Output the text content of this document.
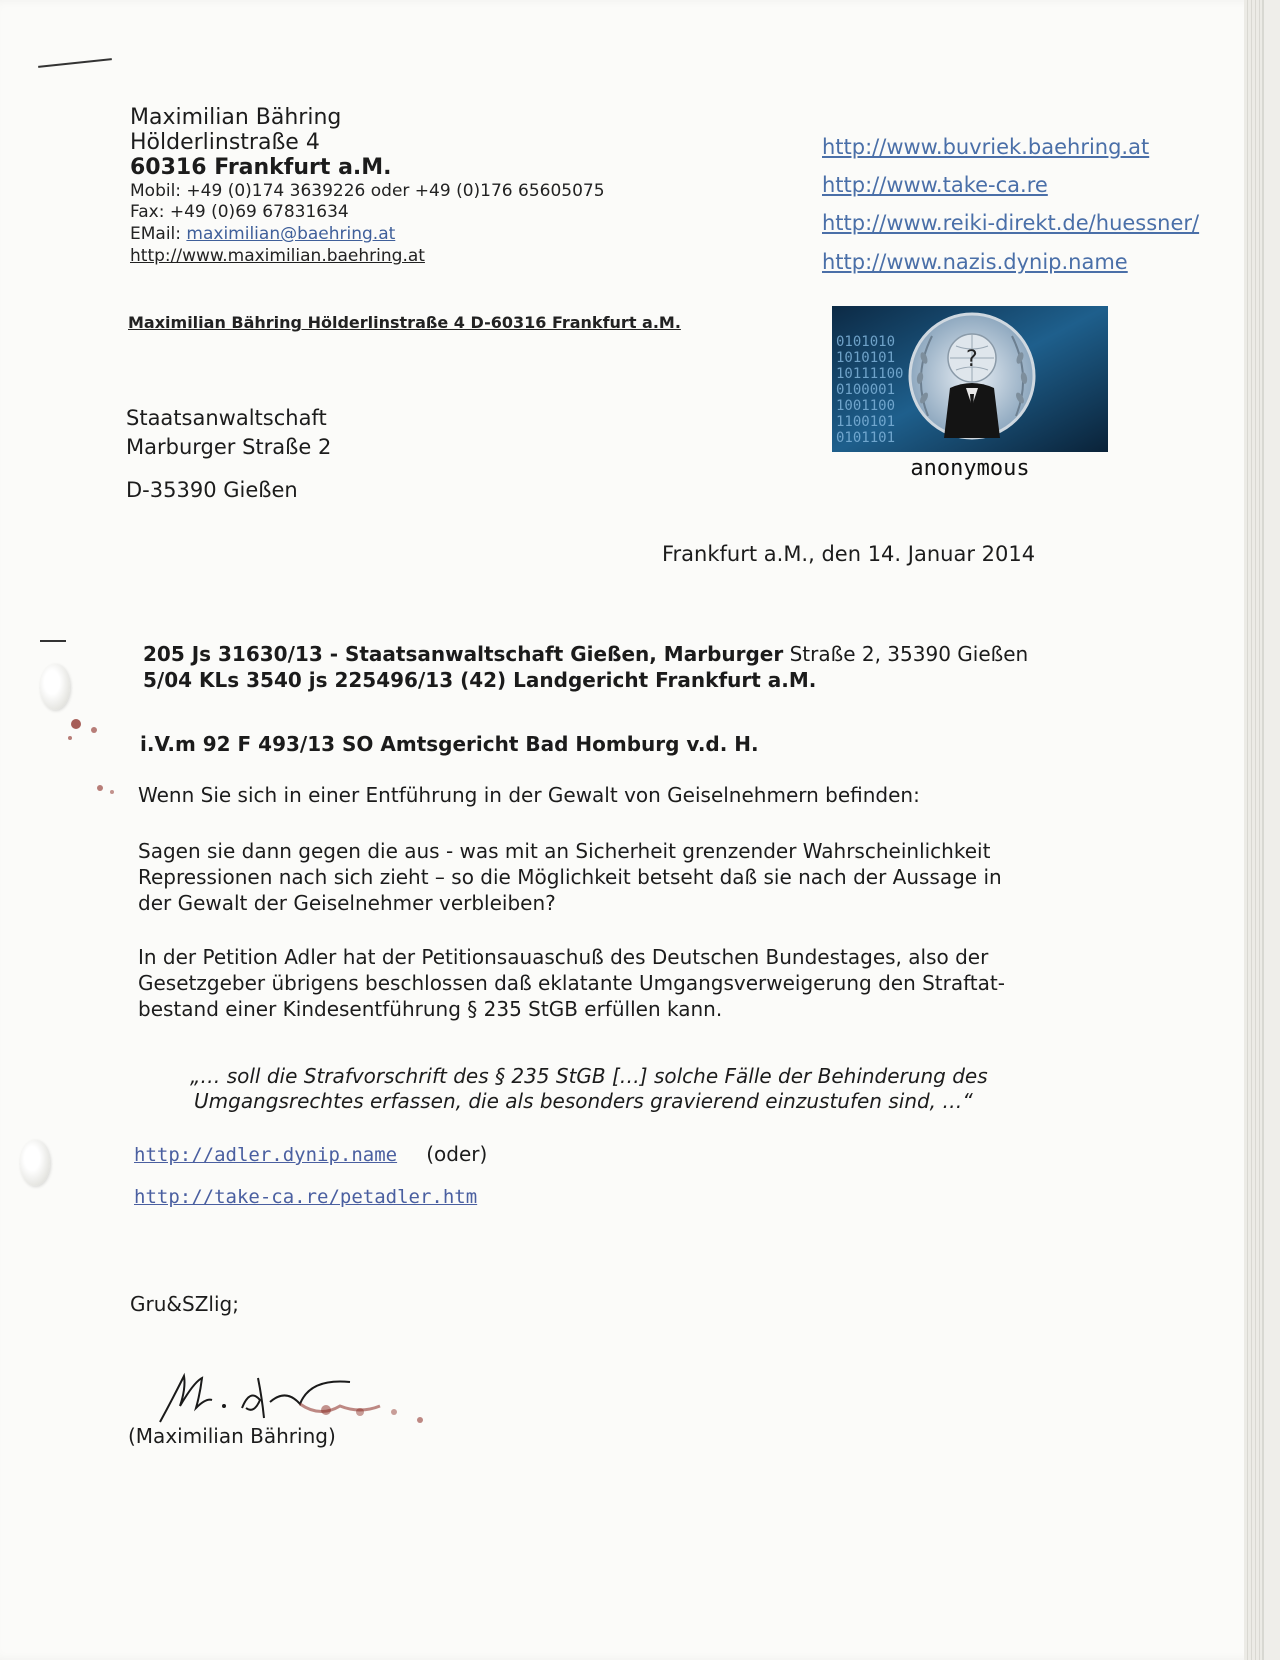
Maximilian Bähring
Hölderlinstraße 4
60316 Frankfurt a.M.
Mobil: +49 (0)174 3639226 oder +49 (0)176 65605075
Fax: +49 (0)69 67831634
EMail: maximilian@baehring.at
http://www.maximilian.baehring.at
http://www.buvriek.baehring.at
http://www.take-ca.re
http://www.reiki-direkt.de/huessner/
http://www.nazis.dynip.name
Maximilian Bähring Hölderlinstraße 4 D-60316 Frankfurt a.M.
0101010
1010101
10111100
0100001
1001100
1100101
0101101
?
anonymous
Staatsanwaltschaft
Marburger Straße 2
D-35390 Gießen
Frankfurt a.M., den 14. Januar 2014
205 Js 31630/13 - Staatsanwaltschaft Gießen, Marburger Straße 2, 35390 Gießen
5/04 KLs 3540 js 225496/13 (42) Landgericht Frankfurt a.M.
i.V.m 92 F 493/13 SO Amtsgericht Bad Homburg v.d. H.
Wenn Sie sich in einer Entführung in der Gewalt von Geiselnehmern befinden:
Sagen sie dann gegen die aus - was mit an Sicherheit grenzender Wahrscheinlichkeit
Repressionen nach sich zieht – so die Möglichkeit betseht daß sie nach der Aussage in
der Gewalt der Geiselnehmer verbleiben?
In der Petition Adler hat der Petitionsauaschuß des Deutschen Bundestages, also der
Gesetzgeber übrigens beschlossen daß eklatante Umgangsverweigerung den Straftat-
bestand einer Kindesentführung § 235 StGB erfüllen kann.
„… soll die Strafvorschrift des § 235 StGB […] solche Fälle der Behinderung des
Umgangsrechtes erfassen, die als besonders gravierend einzustufen sind, …“
http://adler.dynip.name (oder)
http://take-ca.re/petadler.htm
Gru&SZlig;
(Maximilian Bähring)
